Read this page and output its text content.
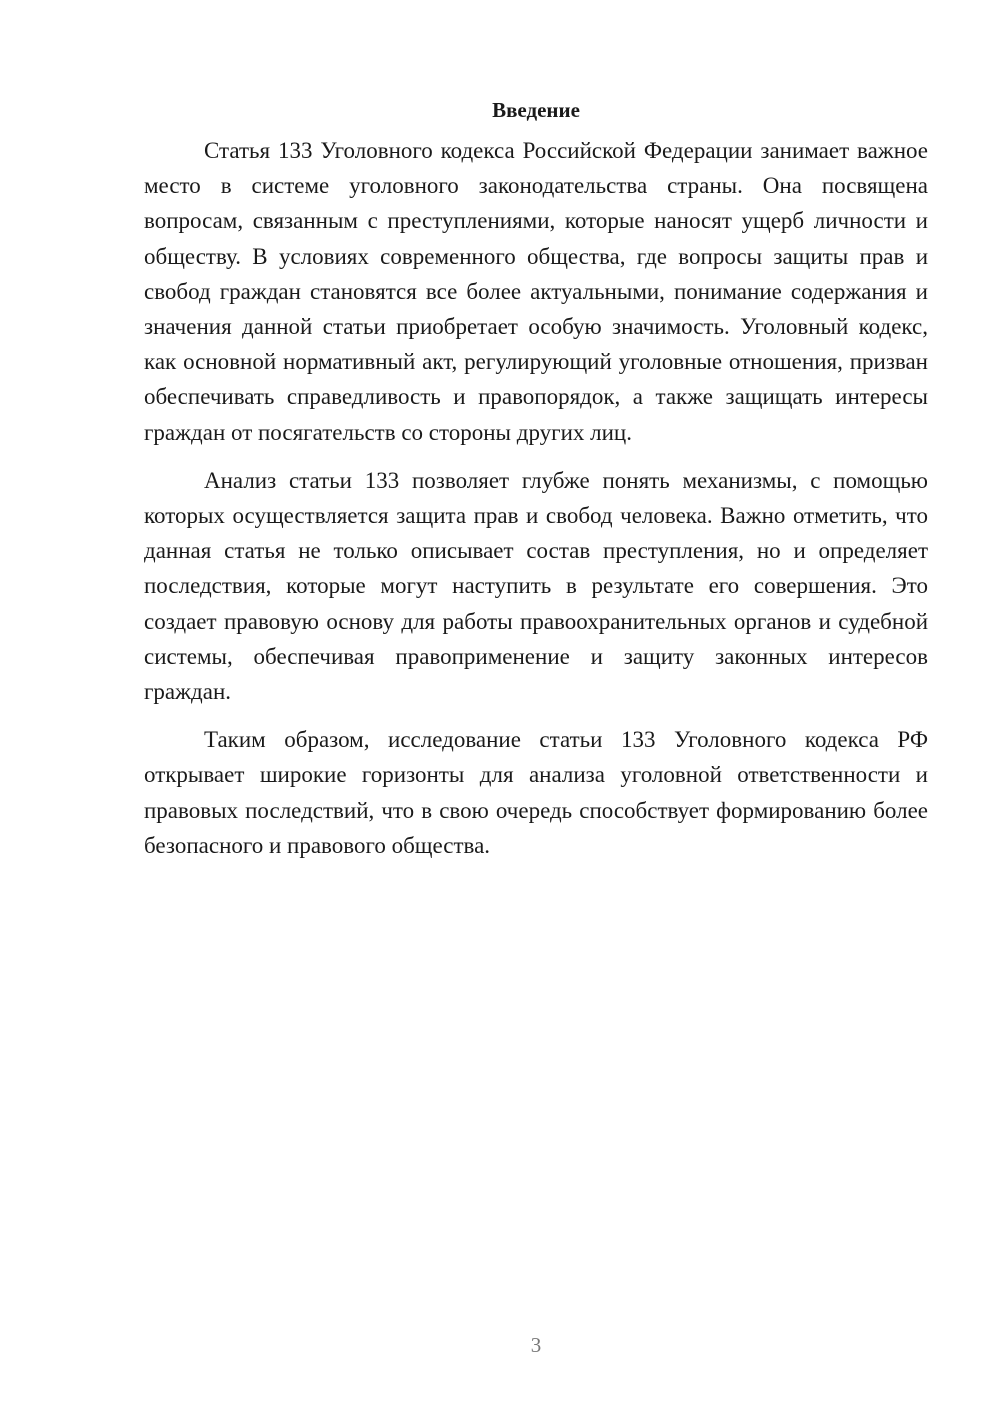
Введение

Статья 133 Уголовного кодекса Российской Федерации занимает важное место в системе уголовного законодательства страны. Она посвящена вопросам, связанным с преступлениями, которые наносят ущерб личности и обществу. В условиях современного общества, где вопросы защиты прав и свобод граждан становятся все более актуальными, понимание содержания и значения данной статьи приобретает особую значимость. Уголовный кодекс, как основной нормативный акт, регулирующий уголовные отношения, призван обеспечивать справедливость и правопорядок, а также защищать интересы граждан от посягательств со стороны других лиц.

Анализ статьи 133 позволяет глубже понять механизмы, с помощью которых осуществляется защита прав и свобод человека. Важно отметить, что данная статья не только описывает состав преступления, но и определяет последствия, которые могут наступить в результате его совершения. Это создает правовую основу для работы правоохранительных органов и судебной системы, обеспечивая правоприменение и защиту законных интересов граждан.

Таким образом, исследование статьи 133 Уголовного кодекса РФ открывает широкие горизонты для анализа уголовной ответственности и правовых последствий, что в свою очередь способствует формированию более безопасного и правового общества.

3
